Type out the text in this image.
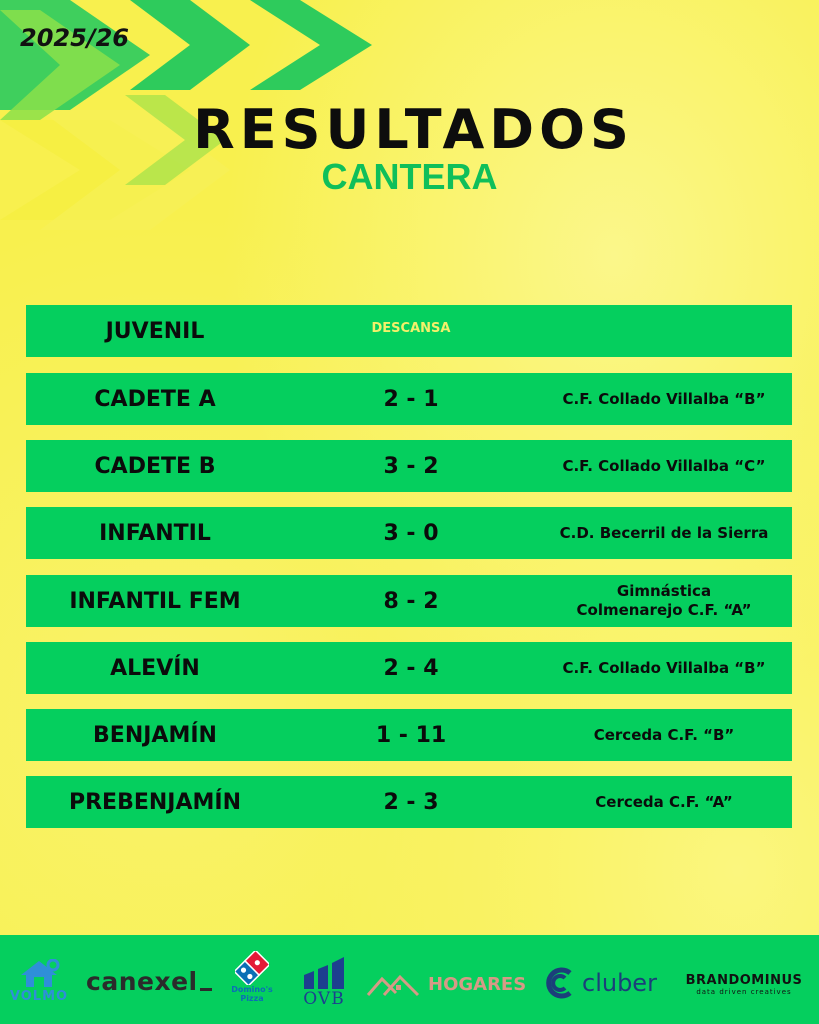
2025/26
RESULTADOS
CANTERA
JUVENIL	DESCANSA
CADETE A	2 - 1	C.F. Collado Villalba “B”
CADETE B	3 - 2	C.F. Collado Villalba “C”
INFANTIL	3 - 0	C.D. Becerril de la Sierra
INFANTIL FEM	8 - 2	Gimnástica
Colmenarejo C.F. “A”
ALEVÍN	2 - 4	C.F. Collado Villalba “B”
BENJAMÍN	1 - 11	Cerceda C.F. “B”
PREBENJAMÍN	2 - 3	Cerceda C.F. “A”
VOLMO
canexel	Domino's
Pizza OVB
HOGARES cluber BRANDOMINUS
data driven creatives
